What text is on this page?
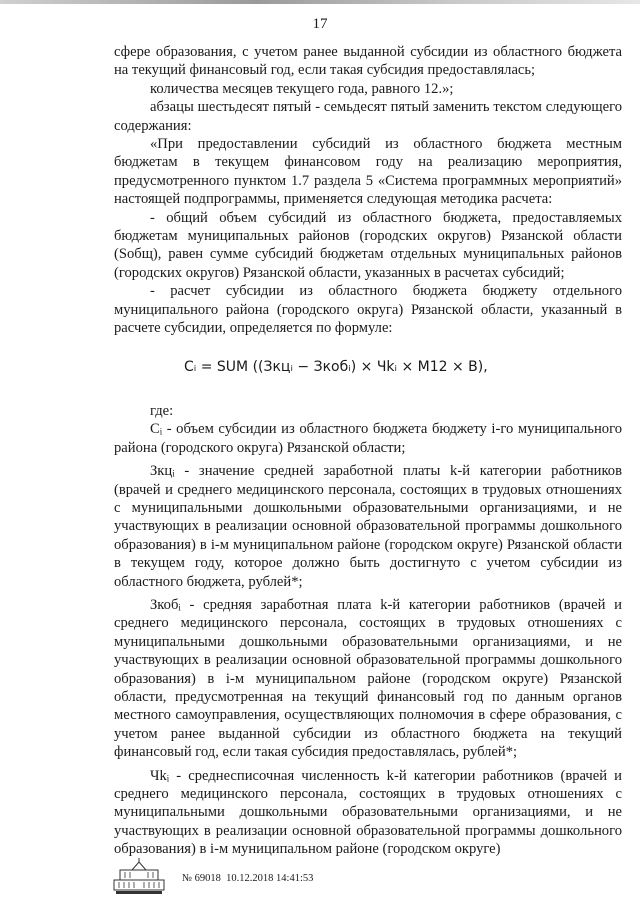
17

сфере образования, с учетом ранее выданной субсидии из областного бюджета на текущий финансовый год, если такая субсидия предоставлялась;

количества месяцев текущего года, равного 12.»;

абзацы шестьдесят пятый - семьдесят пятый заменить текстом следующего содержания:

«При предоставлении субсидий из областного бюджета местным бюджетам в текущем финансовом году на реализацию мероприятия, предусмотренного пунктом 1.7 раздела 5 «Система программных мероприятий» настоящей подпрограммы, применяется следующая методика расчета:

- общий объем субсидий из областного бюджета, предоставляемых бюджетам муниципальных районов (городских округов) Рязанской области (Sобщ), равен сумме субсидий бюджетам отдельных муниципальных районов (городских округов) Рязанской области, указанных в расчетах субсидий;

- расчет субсидии из областного бюджета бюджету отдельного муниципального района (городского округа) Рязанской области, указанный в расчете субсидии, определяется по формуле:

Cᵢ = SUM ((Зкцᵢ − Зкобᵢ) × Чkᵢ × M12 × B),

где:

Cᵢ - объем субсидии из областного бюджета бюджету i-го муниципального района (городского округа) Рязанской области;

Зкцᵢ - значение средней заработной платы k-й категории работников (врачей и среднего медицинского персонала, состоящих в трудовых отношениях с муниципальными дошкольными образовательными организациями, и не участвующих в реализации основной образовательной программы дошкольного образования) в i-м муниципальном районе (городском округе) Рязанской области в текущем году, которое должно быть достигнуто с учетом субсидии из областного бюджета, рублей*;

Зкобᵢ - средняя заработная плата k-й категории работников (врачей и среднего медицинского персонала, состоящих в трудовых отношениях с муниципальными дошкольными образовательными организациями, и не участвующих в реализации основной образовательной программы дошкольного образования) в i-м муниципальном районе (городском округе) Рязанской области, предусмотренная на текущий финансовый год по данным органов местного самоуправления, осуществляющих полномочия в сфере образования, с учетом ранее выданной субсидии из областного бюджета на текущий финансовый год, если такая субсидия предоставлялась, рублей*;

Чkᵢ - среднесписочная численность k-й категории работников (врачей и среднего медицинского персонала, состоящих в трудовых отношениях с муниципальными дошкольными образовательными организациями, и не участвующих в реализации основной образовательной программы дошкольного образования) в i-м муниципальном районе (городском округе)

№ 69018 10.12.2018 14:41:53
